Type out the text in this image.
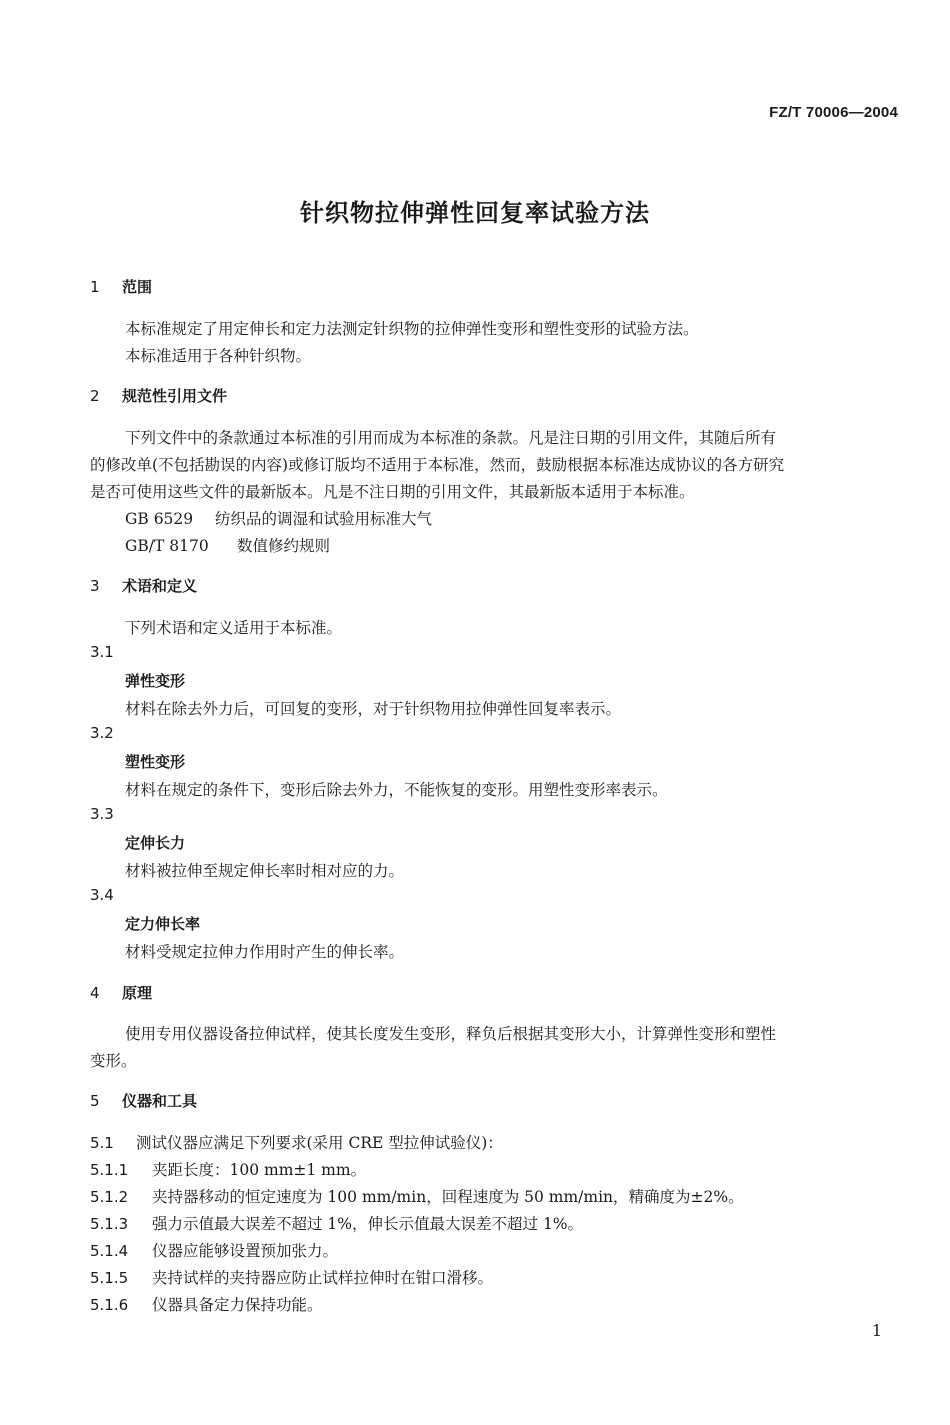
FZ/T 70006—2004
针织物拉伸弹性回复率试验方法
1 范围
本标准规定了用定伸长和定力法测定针织物的拉伸弹性变形和塑性变形的试验方法。
本标准适用于各种针织物。
2 规范性引用文件
下列文件中的条款通过本标准的引用而成为本标准的条款。凡是注日期的引用文件，其随后所有
的修改单(不包括勘误的内容)或修订版均不适用于本标准，然而，鼓励根据本标准达成协议的各方研究
是否可使用这些文件的最新版本。凡是不注日期的引用文件，其最新版本适用于本标准。
GB 6529 纺织品的调湿和试验用标准大气
GB/T 8170 数值修约规则
3 术语和定义
下列术语和定义适用于本标准。
3.1
弹性变形
材料在除去外力后，可回复的变形，对于针织物用拉伸弹性回复率表示。
3.2
塑性变形
材料在规定的条件下，变形后除去外力，不能恢复的变形。用塑性变形率表示。
3.3
定伸长力
材料被拉伸至规定伸长率时相对应的力。
3.4
定力伸长率
材料受规定拉伸力作用时产生的伸长率。
4 原理
使用专用仪器设备拉伸试样，使其长度发生变形，释负后根据其变形大小，计算弹性变形和塑性
变形。
5 仪器和工具
5.1 测试仪器应满足下列要求(采用 CRE 型拉伸试验仪)：
5.1.1 夹距长度：100 mm±1 mm。
5.1.2 夹持器移动的恒定速度为 100 mm/min，回程速度为 50 mm/min，精确度为±2%。
5.1.3 强力示值最大误差不超过 1%，伸长示值最大误差不超过 1%。
5.1.4 仪器应能够设置预加张力。
5.1.5 夹持试样的夹持器应防止试样拉伸时在钳口滑移。
5.1.6 仪器具备定力保持功能。
1
